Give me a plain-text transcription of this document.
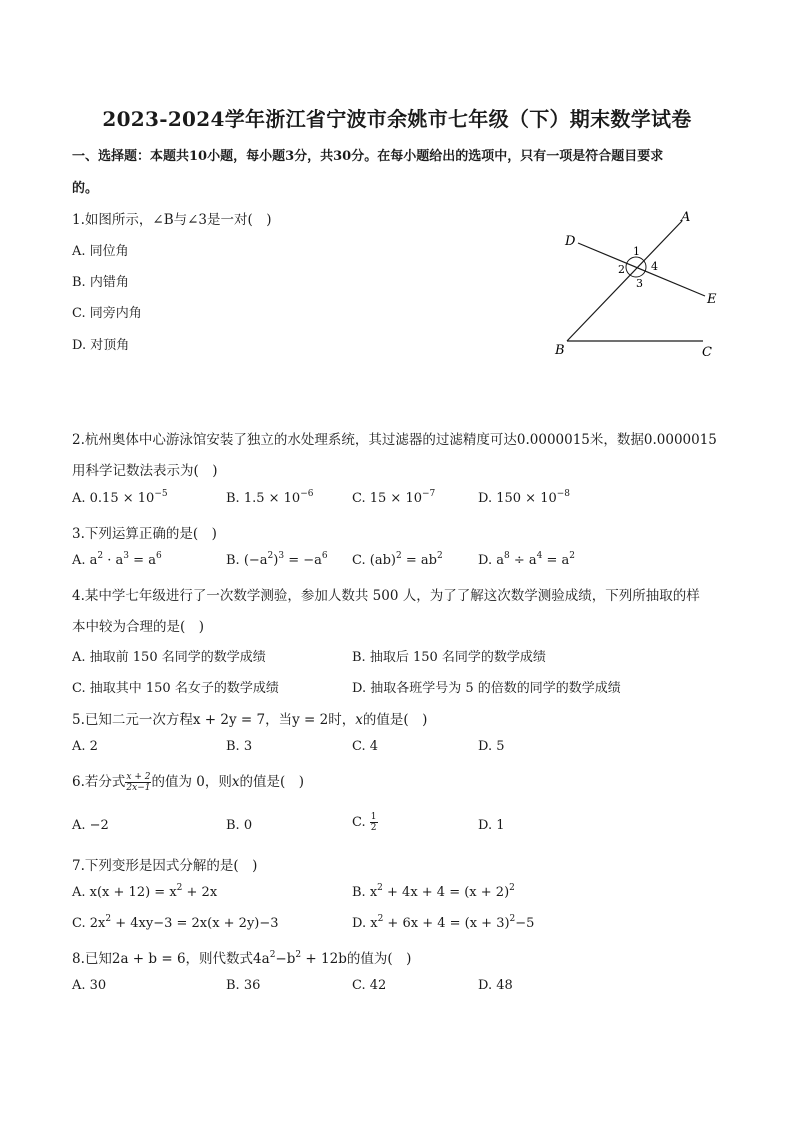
2023-2024学年浙江省宁波市余姚市七年级（下）期末数学试卷
一、选择题：本题共10小题，每小题3分，共30分。在每小题给出的选项中，只有一项是符合题目要求
的。
1.如图所示，∠B与∠3是一对(　)
A. 同位角
B. 内错角
C. 同旁内角
D. 对顶角
A
D
E
B	C
1
2
3
4
2.杭州奥体中心游泳馆安装了独立的水处理系统，其过滤器的过滤精度可达0.0000015米，数据0.0000015
用科学记数法表示为(　)
A. $0.15 \times 10^{-5}$	B. $1.5 \times 10^{-6}$	C. $15 \times 10^{-7}$	D. $150 \times 10^{-8}$
3.下列运算正确的是(　)
A. $a^2 \cdot a^3 = a^6$	B. $(-a^2)^3 = -a^6$ C. $(ab)^2 = ab^2$	D. $a^8 \div a^4 = a^2$
4.某中学七年级进行了一次数学测验，参加人数共 500 人，为了了解这次数学测验成绩，下列所抽取的样
本中较为合理的是(　)
A. 抽取前 150 名同学的数学成绩	B. 抽取后 150 名同学的数学成绩
C. 抽取其中 150 名女子的数学成绩	D. 抽取各班学号为 5 的倍数的同学的数学成绩
5.已知二元一次方程x + 2y = 7，当y = 2时，x的值是(　)
A. 2	B. 3	C. 4	D. 5
6.若分式 $\frac{x + 2}{2x-1}$ 的值为 0，则x的值是(　)
A. −2	B. 0	C. $\frac{1}{2}$	D. 1
7.下列变形是因式分解的是(　)
A. $x(x + 12) = x^2 + 2x$	B. $x^2 + 4x + 4 = (x + 2)^2$
C. $2x^2 + 4xy-3 = 2x(x + 2y)-3$	D. $x^2 + 6x + 4 = (x + 3)^2-5$
8.已知2a + b = 6，则代数式$4a^2-b^2 + 12b$的值为(　)
A. 30	B. 36	C. 42	D. 48
